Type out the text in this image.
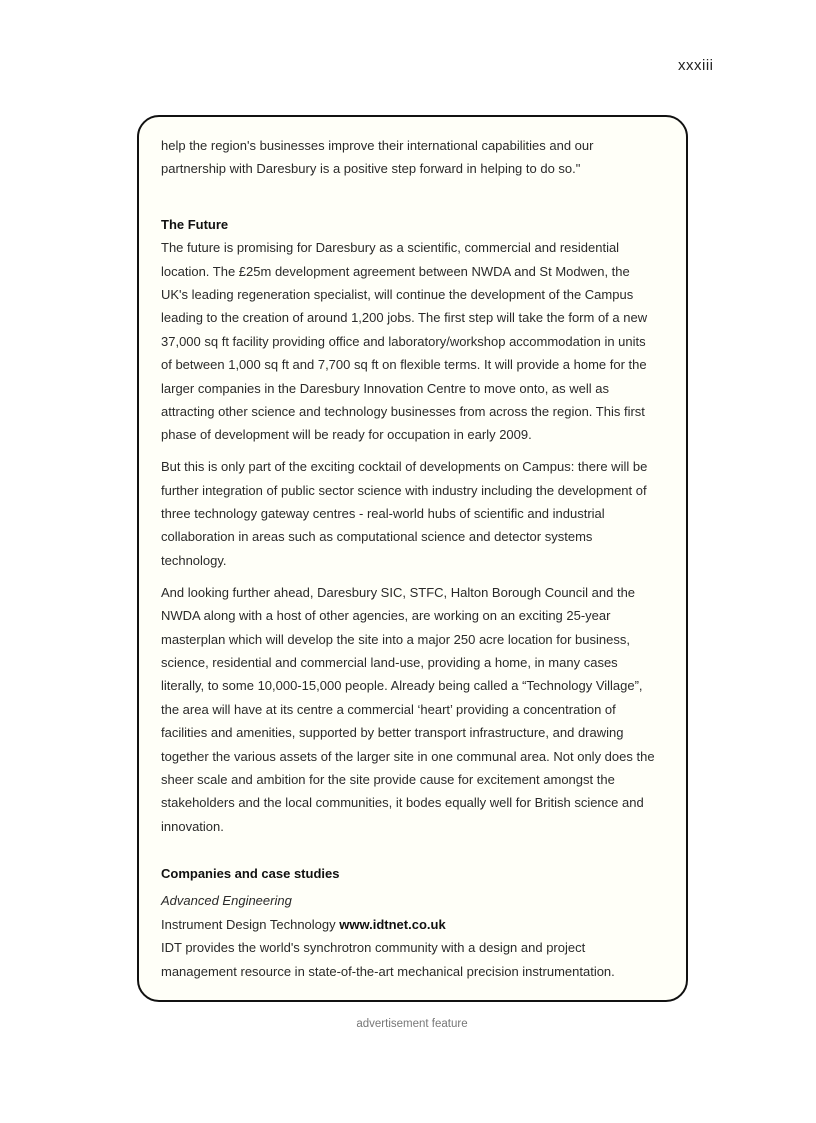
xxxiii
help the region's businesses improve their international capabilities and our
partnership with Daresbury is a positive step forward in helping to do so."
The Future
The future is promising for Daresbury as a scientific, commercial and residential
location. The £25m development agreement between NWDA and St Modwen, the
UK's leading regeneration specialist, will continue the development of the Campus
leading to the creation of around 1,200 jobs. The first step will take the form of a new
37,000 sq ft facility providing office and laboratory/workshop accommodation in units
of between 1,000 sq ft and 7,700 sq ft on flexible terms. It will provide a home for the
larger companies in the Daresbury Innovation Centre to move onto, as well as
attracting other science and technology businesses from across the region. This first
phase of development will be ready for occupation in early 2009.
But this is only part of the exciting cocktail of developments on Campus: there will be
further integration of public sector science with industry including the development of
three technology gateway centres - real-world hubs of scientific and industrial
collaboration in areas such as computational science and detector systems
technology.
And looking further ahead, Daresbury SIC, STFC, Halton Borough Council and the
NWDA along with a host of other agencies, are working on an exciting 25-year
masterplan which will develop the site into a major 250 acre location for business,
science, residential and commercial land-use, providing a home, in many cases
literally, to some 10,000-15,000 people. Already being called a “Technology Village”,
the area will have at its centre a commercial ‘heart’ providing a concentration of
facilities and amenities, supported by better transport infrastructure, and drawing
together the various assets of the larger site in one communal area. Not only does the
sheer scale and ambition for the site provide cause for excitement amongst the
stakeholders and the local communities, it bodes equally well for British science and
innovation.
Companies and case studies
Advanced Engineering
Instrument Design Technology www.idtnet.co.uk
IDT provides the world's synchrotron community with a design and project
management resource in state-of-the-art mechanical precision instrumentation.
advertisement feature
